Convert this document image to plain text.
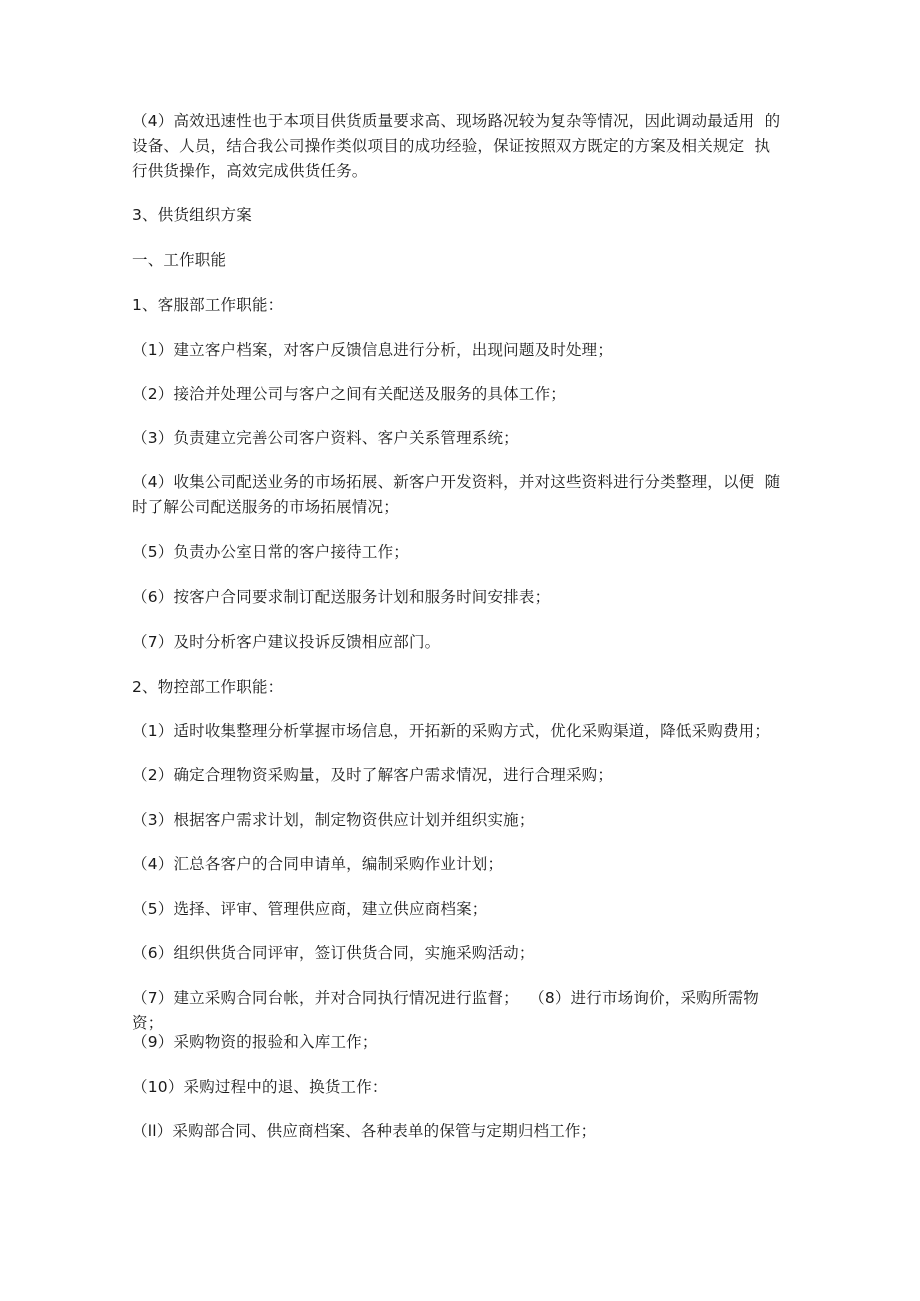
（4）高效迅速性也于本项目供货质量要求高、现场路况较为复杂等情况，因此调动最适用  的设备、人员，结合我公司操作类似项目的成功经验，保证按照双方既定的方案及相关规定  执行供货操作，高效完成供货任务。
3、供货组织方案
一、工作职能
1、客服部工作职能：
（1）建立客户档案，对客户反馈信息进行分析，出现问题及时处理；
（2）接洽并处理公司与客户之间有关配送及服务的具体工作；
（3）负责建立完善公司客户资料、客户关系管理系统；
（4）收集公司配送业务的市场拓展、新客户开发资料，并对这些资料进行分类整理，以便  随时了解公司配送服务的市场拓展情况；
（5）负责办公室日常的客户接待工作；
（6）按客户合同要求制订配送服务计划和服务时间安排表；
（7）及时分析客户建议投诉反馈相应部门。
2、物控部工作职能：
（1）适时收集整理分析掌握市场信息，开拓新的采购方式，优化采购渠道，降低采购费用；
（2）确定合理物资采购量，及时了解客户需求情况，进行合理采购；
（3）根据客户需求计划，制定物资供应计划并组织实施；
（4）汇总各客户的合同申请单，编制采购作业计划；
（5）选择、评审、管理供应商，建立供应商档案；
（6）组织供货合同评审，签订供货合同，实施采购活动；
（7）建立采购合同台帐，并对合同执行情况进行监督；  （8）进行市场询价，采购所需物资；
（9）采购物资的报验和入库工作；
（10）采购过程中的退、换货工作：
（ll）采购部合同、供应商档案、各种表单的保管与定期归档工作；
